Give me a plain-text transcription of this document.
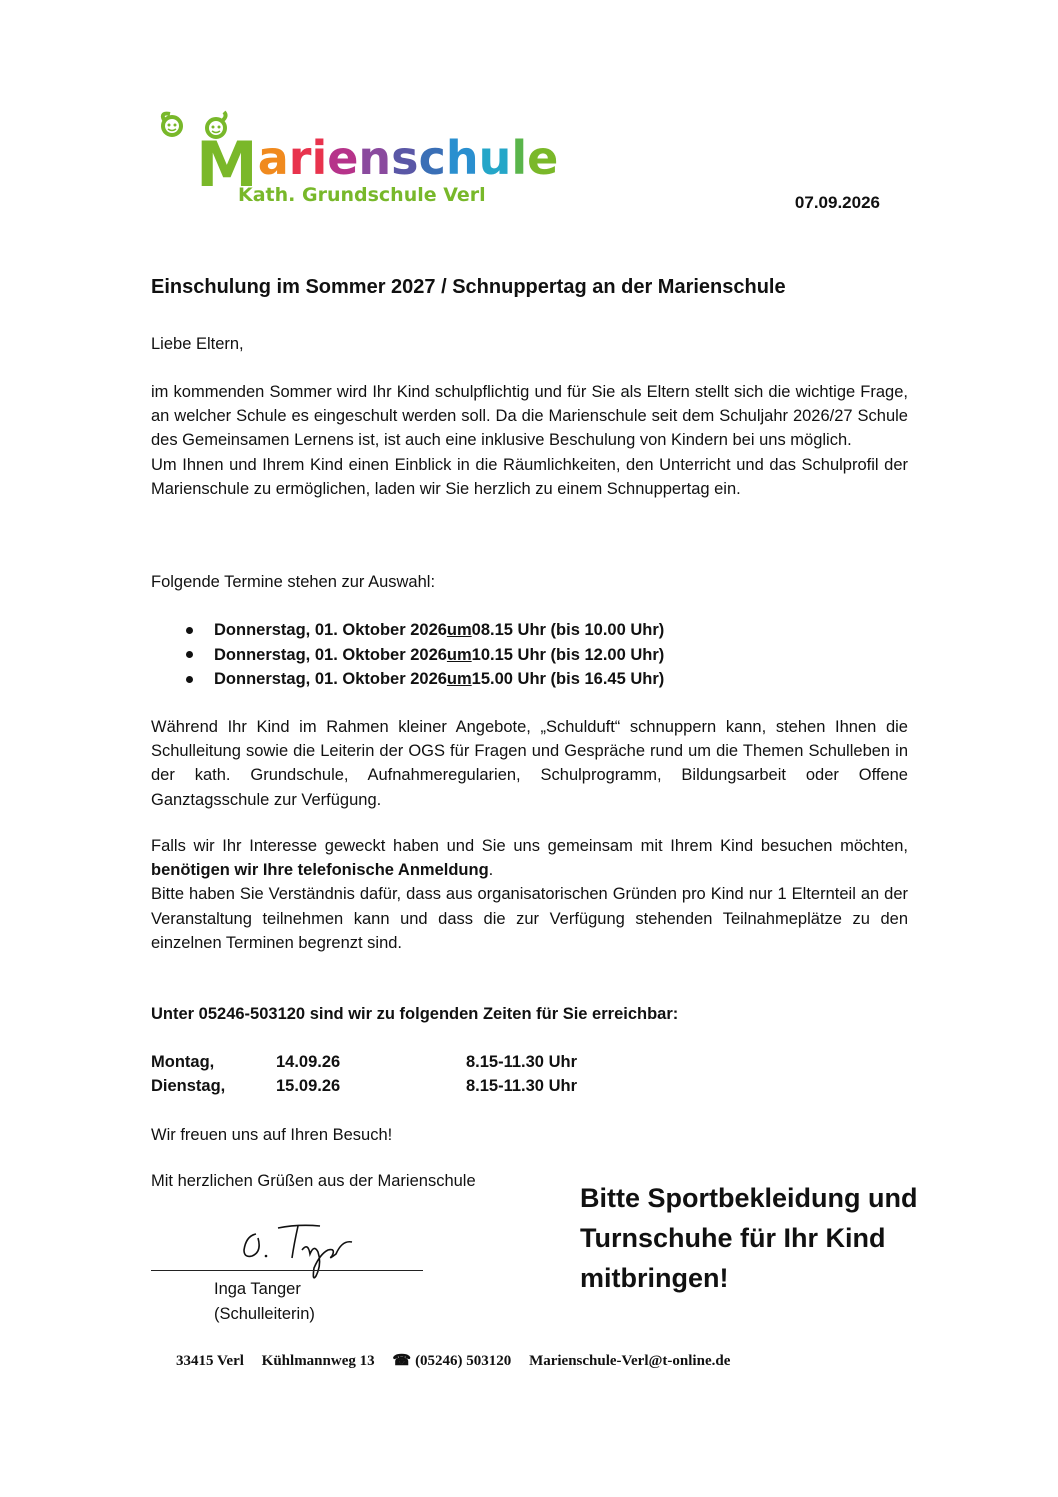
Marienschule
Kath. Grundschule Verl	07.09.2026
Einschulung im Sommer 2027 / Schnuppertag an der Marienschule
Liebe Eltern,

im kommenden Sommer wird Ihr Kind schulpflichtig und für Sie als Eltern stellt sich die wichtige Frage, an welcher Schule es eingeschult werden soll. Da die Marienschule seit dem Schuljahr 2026/27 Schule des Gemeinsamen Lernens ist, ist auch eine inklusive Beschulung von Kindern bei uns möglich.

Um Ihnen und Ihrem Kind einen Einblick in die Räumlichkeiten, den Unterricht und das Schulprofil der Marienschule zu ermöglichen, laden wir Sie herzlich zu einem Schnuppertag ein.

Folgende Termine stehen zur Auswahl:
Donnerstag, 01. Oktober 2026 um 08.15 Uhr (bis 10.00 Uhr)
Donnerstag, 01. Oktober 2026 um 10.15 Uhr (bis 12.00 Uhr)
Donnerstag, 01. Oktober 2026 um 15.00 Uhr (bis 16.45 Uhr)
Während Ihr Kind im Rahmen kleiner Angebote, „Schulduft“ schnuppern kann, stehen Ihnen die Schulleitung sowie die Leiterin der OGS für Fragen und Gespräche rund um die Themen Schulleben in der kath. Grundschule, Aufnahmeregularien, Schulprogramm, Bildungsarbeit oder Offene Ganztagsschule zur Verfügung.

Falls wir Ihr Interesse geweckt haben und Sie uns gemeinsam mit Ihrem Kind besuchen möchten, benötigen wir Ihre telefonische Anmeldung.

Bitte haben Sie Verständnis dafür, dass aus organisatorischen Gründen pro Kind nur 1 Elternteil an der Veranstaltung teilnehmen kann und dass die zur Verfügung stehenden Teilnahmeplätze zu den einzelnen Terminen begrenzt sind.

Unter 05246-503120 sind wir zu folgenden Zeiten für Sie erreichbar:
Montag,	14.09.26	8.15-11.30 Uhr
Dienstag,	15.09.26	8.15-11.30 Uhr
Wir freuen uns auf Ihren Besuch!
Mit herzlichen Grüßen aus der Marienschule
Bitte Sportbekleidung und Turnschuhe für Ihr Kind mitbringen!
Inga Tanger
(Schulleiterin)
33415 Verl Kühlmannweg 13 ☎ (05246) 503120 Marienschule-Verl@t-online.de
